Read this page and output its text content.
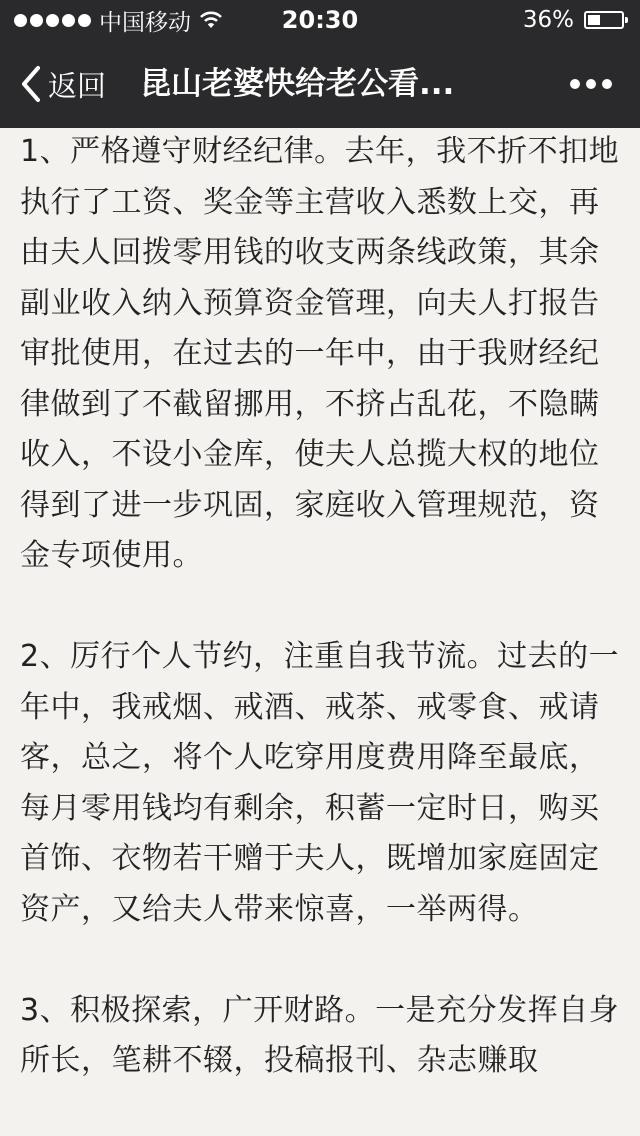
中国移动	20:30	36%
返回 昆山老婆快给老公看...

1、严格遵守财经纪律。去年，我不折不扣地执行了工资、奖金等主营收入悉数上交，再由夫人回拨零用钱的收支两条线政策，其余副业收入纳入预算资金管理，向夫人打报告审批使用，在过去的一年中，由于我财经纪律做到了不截留挪用，不挤占乱花，不隐瞒收入，不设小金库，使夫人总揽大权的地位得到了进一步巩固，家庭收入管理规范，资金专项使用。

2、厉行个人节约，注重自我节流。过去的一年中，我戒烟、戒酒、戒茶、戒零食、戒请客，总之，将个人吃穿用度费用降至最底，每月零用钱均有剩余，积蓄一定时日，购买首饰、衣物若干赠于夫人，既增加家庭固定资产，又给夫人带来惊喜，一举两得。

3、积极探索，广开财路。一是充分发挥自身所长，笔耕不辍，投稿报刊、杂志赚取
